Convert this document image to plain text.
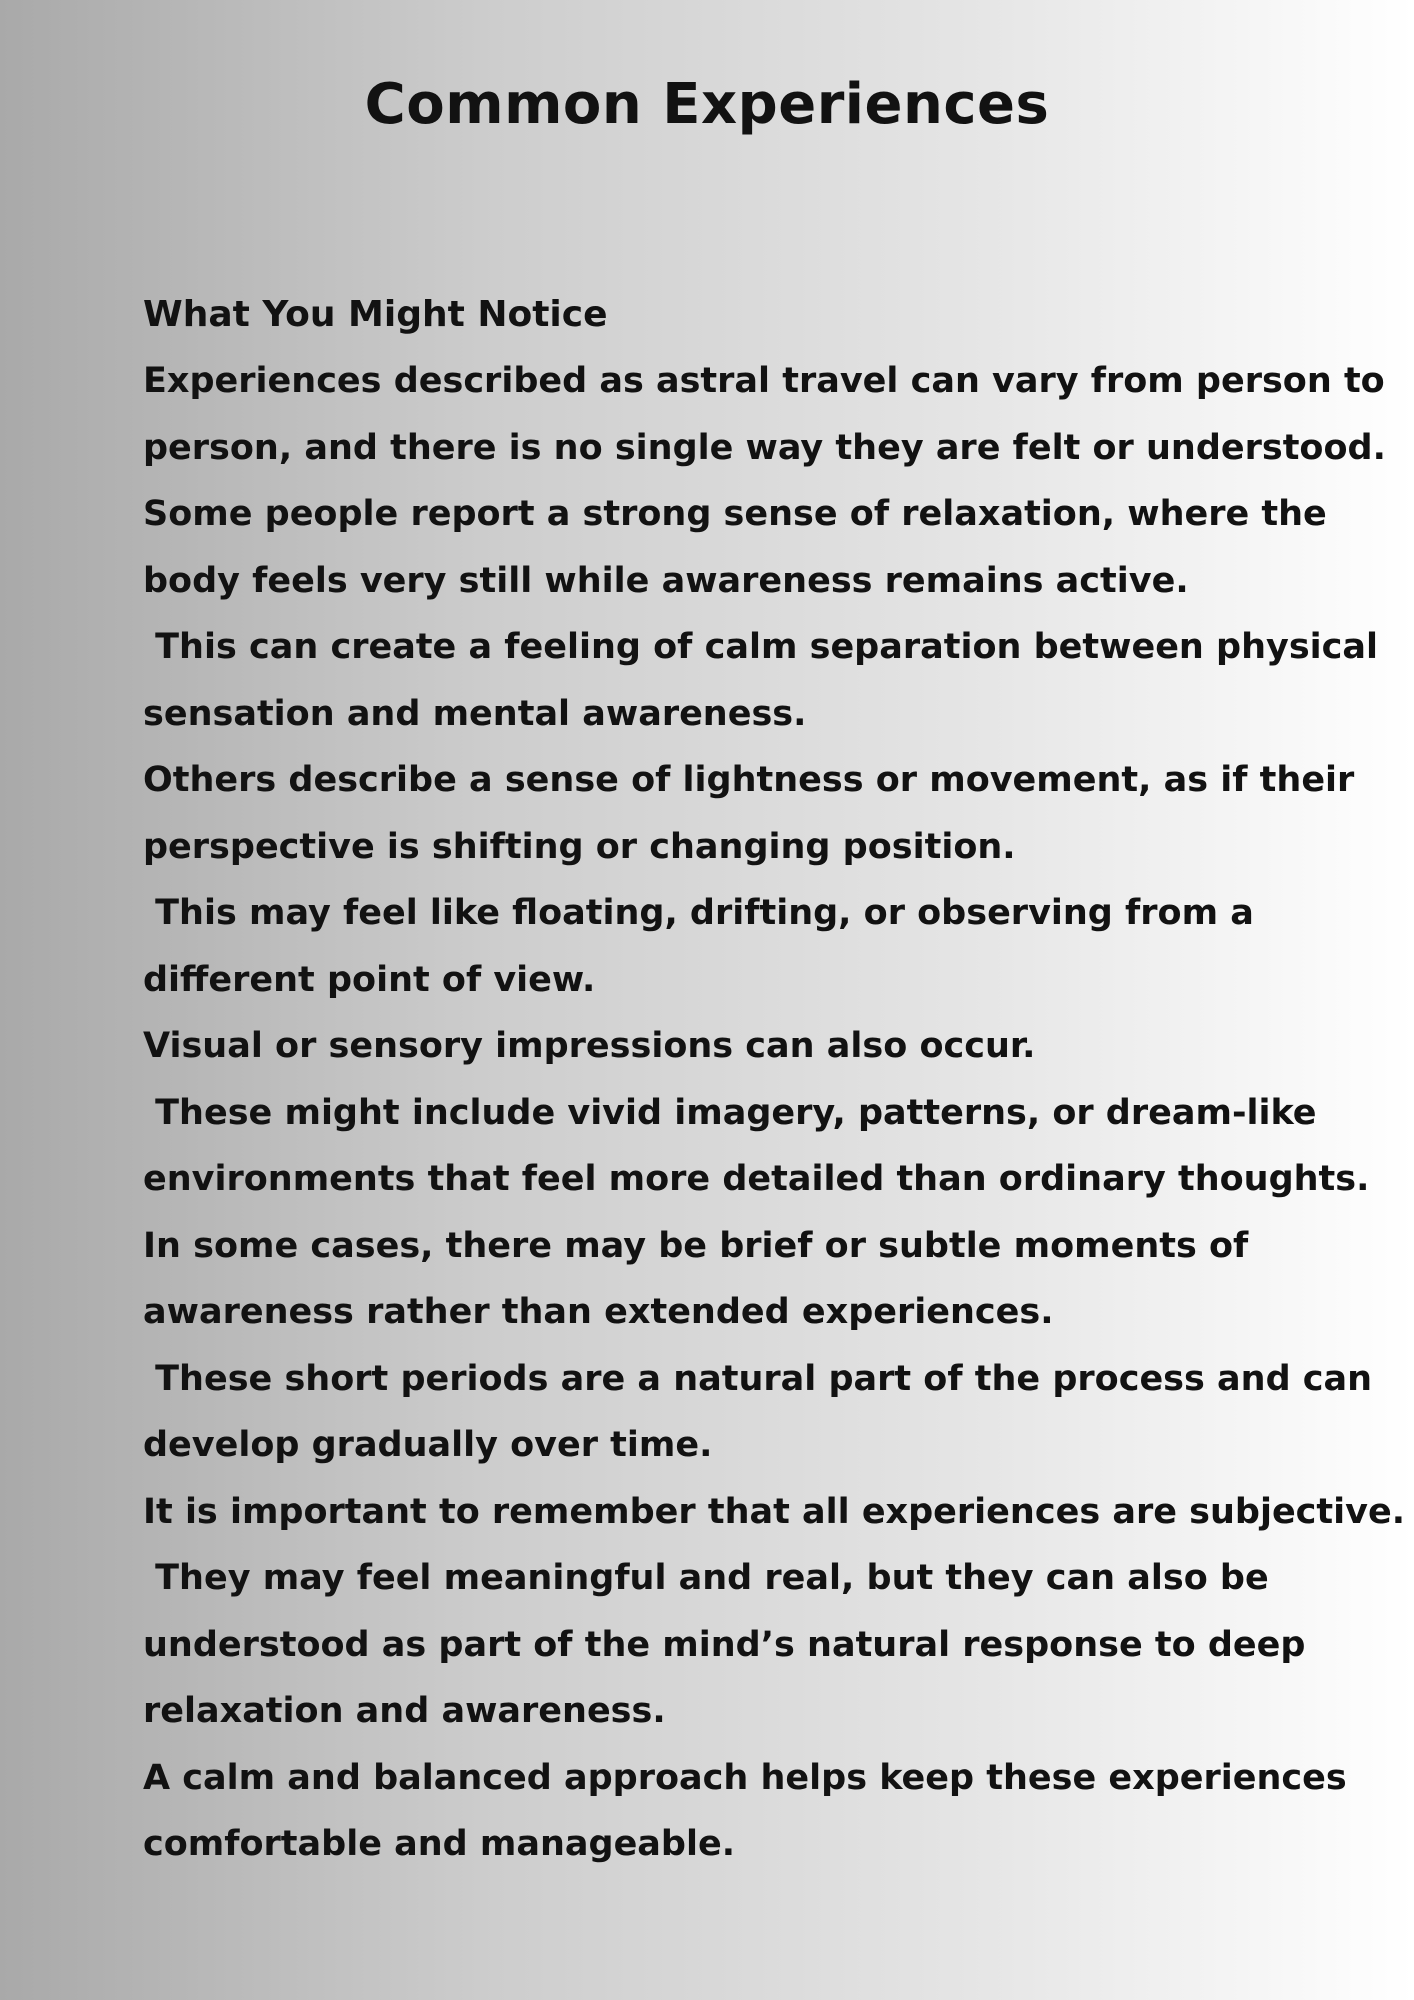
Common Experiences

What You Might Notice

Experiences described as astral travel can vary from person to

person, and there is no single way they are felt or understood.

Some people report a strong sense of relaxation, where the

body feels very still while awareness remains active.

This can create a feeling of calm separation between physical

sensation and mental awareness.

Others describe a sense of lightness or movement, as if their

perspective is shifting or changing position.

This may feel like floating, drifting, or observing from a

different point of view.

Visual or sensory impressions can also occur.

These might include vivid imagery, patterns, or dream-like

environments that feel more detailed than ordinary thoughts.

In some cases, there may be brief or subtle moments of

awareness rather than extended experiences.

These short periods are a natural part of the process and can

develop gradually over time.

It is important to remember that all experiences are subjective.

They may feel meaningful and real, but they can also be

understood as part of the mind’s natural response to deep

relaxation and awareness.

A calm and balanced approach helps keep these experiences

comfortable and manageable.
